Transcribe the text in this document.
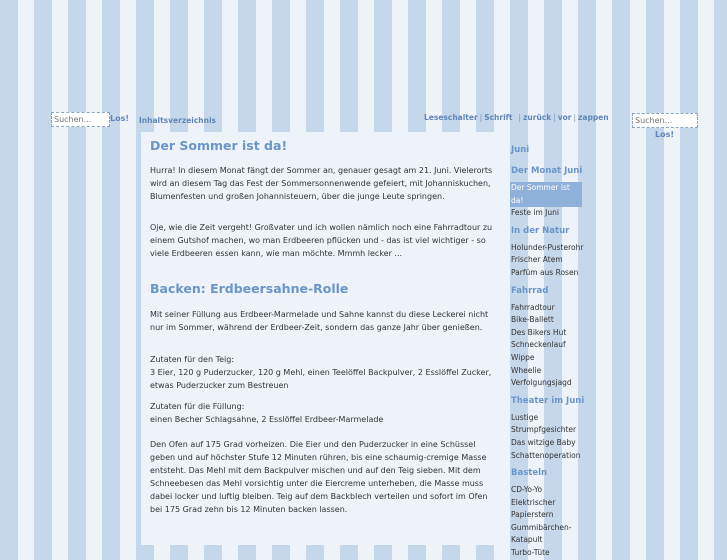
Suchen...
Los! Inhaltsverzeichnis	Leseschalter | Schrift | zurück | vor | zappen
Suchen...
Los!
Der Sommer ist da!

Hurra! In diesem Monat fängt der Sommer an, genauer gesagt am 21. Juni. Vielerorts wird an diesem Tag das Fest der Sommersonnenwende gefeiert, mit Johanniskuchen, Blumenfesten und großen Johannisteuern, über die junge Leute springen.

Oje, wie die Zeit vergeht! Großvater und ich wollen nämlich noch eine Fahrradtour zu einem Gutshof machen, wo man Erdbeeren pflücken und - das ist viel wichtiger - so viele Erdbeeren essen kann, wie man möchte. Mmmh lecker ...

Backen: Erdbeersahne-Rolle

Mit seiner Füllung aus Erdbeer-Marmelade und Sahne kannst du diese Leckerei nicht nur im Sommer, während der Erdbeer-Zeit, sondern das ganze Jahr über genießen.

Zutaten für den Teig:

3 Eier, 120 g Puderzucker, 120 g Mehl, einen Teelöffel Backpulver, 2 Esslöffel Zucker, etwas Puderzucker zum Bestreuen

Zutaten für die Füllung:

einen Becher Schlagsahne, 2 Esslöffel Erdbeer-Marmelade

Den Ofen auf 175 Grad vorheizen. Die Eier und den Puderzucker in eine Schüssel geben und auf höchster Stufe 12 Minuten rühren, bis eine schaumig-cremige Masse entsteht. Das Mehl mit dem Backpulver mischen und auf den Teig sieben. Mit dem Schneebesen das Mehl vorsichtig unter die Eiercreme unterheben, die Masse muss dabei locker und luftig bleiben. Teig auf dem Backblech verteilen und sofort im Ofen bei 175 Grad zehn bis 12 Minuten backen lassen.

Juni
Der Monat Juni
Der Sommer ist da!
Feste im Juni
In der Natur
Holunder-Pusterohr
Frischer Atem
Parfüm aus Rosen
Fahrrad
Fahrradtour
Bike-Ballett
Des Bikers Hut
Schneckenlauf
Wippe
Wheelie
Verfolgungsjagd
Theater im Juni
Lustige Strumpfgesichter
Das witzige Baby
Schattenoperation
Basteln
CD-Yo-Yo
Elektrischer Papierstern
Gummibärchen-Katapult
Turbo-Tüte
